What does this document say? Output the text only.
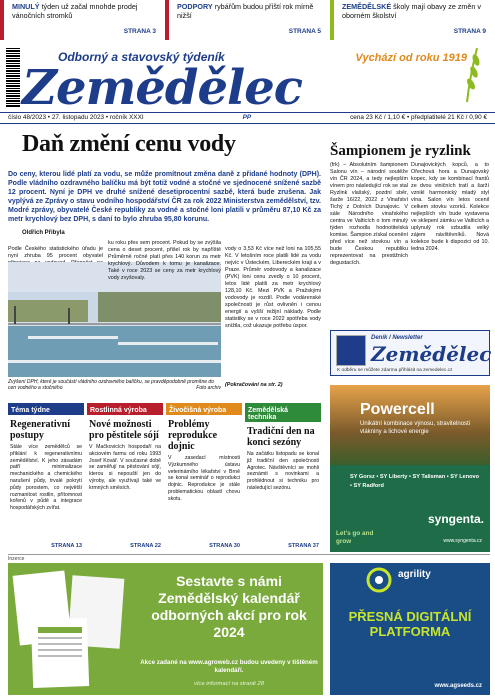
MINULÝ týden už začal mnohde prodej vánočních stromků
STRANA 3
PODPORY rybářům budou příští rok mírně nižší
STRANA 5
ZEMĚDĚLSKÉ školy mají obavy ze změn v oborném školství
STRANA 9
Odborný a stavovský týdeník
Zemědělec
Vychází od roku 1919
číslo 48/2023 • 27. listopadu 2023 • ročník XXXI	PP	cena 23 Kč / 1,10 € • předplatitelé 21 Kč / 0,90 €
Daň změní cenu vody
Do ceny, kterou lidé platí za vodu, se může promítnout změna daně z přidané hodnoty (DPH). Podle vládního ozdravného balíčku má být totiž vodné a stočné ve sjednocené snížené sazbě 12 procent. Nyní je DPH ve druhé snížené desetiprocentní sazbě, která bude zrušena. Jak vyplývá ze Zprávy o stavu vodního hospodářství ČR za rok 2022 Ministerstva zemědělství, tzv. Modré zprávy, obyvatelé České republiky za vodné a stočné loni platili v průměru 87,10 Kč za metr krychlový bez DPH, s daní to bylo zhruba 95,80 korunu.
Oldřich Přibyla
Podle Českého statistického úřadu je nyní zhruba 95 procent obyvatel
ku roku přes sem procent. Pokud by se zvýšila cena o deset procent, přišel rok by napříště Průměrně ročně platí přes 140 korun za metr krychlový. Důvodem k tomu je kanalizace. Také v roce 2023 se ceny za metr krychlový vody zvyšovaly.
vody o 3,53 Kč více než loni na 105,55 Kč. V letošním roce platili lidé za vodu nejvíc v Ústeckém, Libereckém kraji a v Praze. Průměr vodovody a kanalizace (PVK) loni cenu zvedly o 10 procent, letos lidé platili za metr krychlový 128,10 Kč. Mezi PVK a Pražskými vodovody je rozdíl. Podle vodárenské společnosti je růst ovlivněn i cenou energií a vyšší režijní náklady. Podle statistiky se v roce 2022 spotřeba vody snížila, což ukazuje potřebu úspor.
Zvýšení DPH, které je součástí vládního ozdravného balíčku, se pravděpodobně promítne do cen vodného a stočného	Foto archiv (Pokračování na str. 2)
Šampionem je ryzlink
(frk) – Absolutním šampionem Salonu vín – národní soutěže vín ČR 2024, a tedy nejlepším vínem pro následující rok se stal Ryzlink vlašský, pozdní sběr, šarže 16/22, 2022 z Vinařství Tichý z Dolních Dunajovic. V sále Národního vinařského centra ve Valticích o tom minulý týden rozhodla hodnotitelská komise. Šampion získal ocenění před více než stovkou vín a bude Českou republiku reprezentovat na prestižních degustacích.
Dunajovických kopců, a to Ořechová hora a Dunajovský kopec, kdy se kombinací frantů ze dvou viničních tratí a šarží vznikl harmonický mladý styl vína. Salon vín letos ocenil celkem stovku vzorků. Kolekce nejlepších vín bude vystavena ve sklepení zámku ve Valticích a uplynulý rok vzbudila velký zájem návštěvníků. Nová kolekce bude k dispozici od 10. ledna 2024.
Deník / Newsletter
Zemědělec
K odběru se můžete zdarma přihlásit na zemedelec.cz
Téma týdne
Regenerativní postupy

Stále více zemědělců se přiklání k regenerativnímu zemědělství. K jeho zásadám patří minimalizace mechanického a chemického narušení půdy, trvalé pokrytí půdy porostem, co největší rozmanitost rostlin, přítomnost kořenů v půdě a integrace hospodářských zvířat.

STRANA 13
Rostlinná výroba
Nové možnosti pro pěstitele sójí

V Mačkovicích hospodaří na akciovém farmu od roku 1993 Josef Kovář. V současné době se zaměřují na pěstování sójí, kterou si nepouští jen do výroby, ale využívají také ve krmných směsích.

STRANA 22
Živočišná výroba
Problémy reprodukce dojnic

V zasedací místnosti Výzkumného ústavu veterinárního lékařství v Brně se konal seminář o reprodukci dojnic. Reprodukce je stále problematickou oblastí chovu skotu.

STRANA 30
Zemědělská technika
Tradiční den na konci sezóny

Na začátku listopadu se konal již tradiční den společnosti Agrotec. Návštěvníci se mohli seznámit s novinkami a prohlédnout si techniku pro následující sezónu.

STRANA 37
Powercell
Unikátní kombinace výnosu, stravitelnosti vlákniny a lichové energie
SY Gorsz • SY Liberty • SY Talisman • SY Lenovo • SY Radford
syngenta.
Let's go and grow	www.syngenta.cz
Inzerce
Sestavte s námi Zemědělský kalendář odborných akcí pro rok 2024
Akce zadané na www.agroweb.cz budou uvedeny v tištěném kalendáři.
více informací na straně 28
agrility
PŘESNÁ DIGITÁLNÍ PLATFORMA
www.agseeds.cz
